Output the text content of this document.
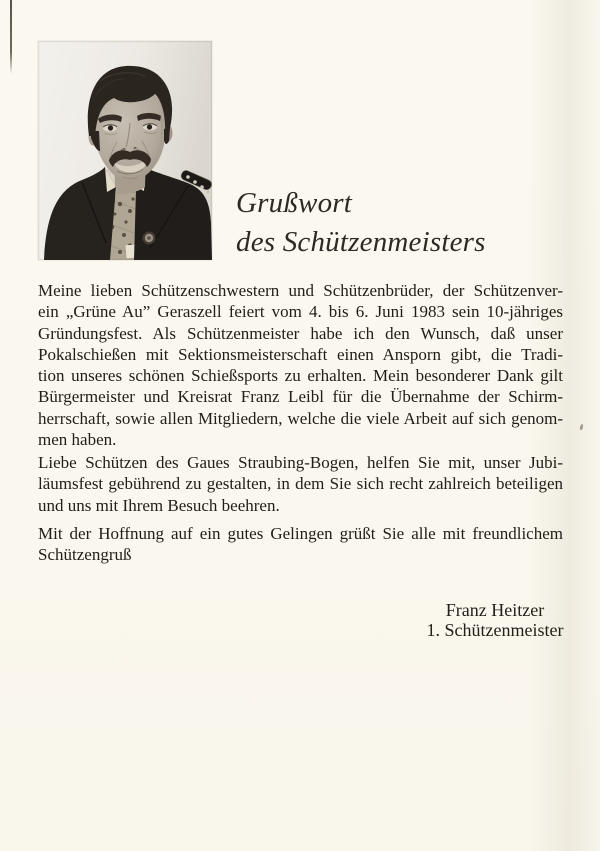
Grußwort
des Schützenmeisters
Meine lieben Schützenschwestern und Schützenbrüder, der Schützenver-
ein „Grüne Au” Geraszell feiert vom 4. bis 6. Juni 1983 sein 10-jähriges
Gründungsfest. Als Schützenmeister habe ich den Wunsch, daß unser
Pokalschießen mit Sektionsmeisterschaft einen Ansporn gibt, die Tradi-
tion unseres schönen Schießsports zu erhalten. Mein besonderer Dank gilt
Bürgermeister und Kreisrat Franz Leibl für die Übernahme der Schirm-
herrschaft, sowie allen Mitgliedern, welche die viele Arbeit auf sich genom-
men haben.
Liebe Schützen des Gaues Straubing-Bogen, helfen Sie mit, unser Jubi-
läumsfest gebührend zu gestalten, in dem Sie sich recht zahlreich beteiligen
und uns mit Ihrem Besuch beehren.
Mit der Hoffnung auf ein gutes Gelingen grüßt Sie alle mit freundlichem
Schützengruß
Franz Heitzer
1. Schützenmeister
